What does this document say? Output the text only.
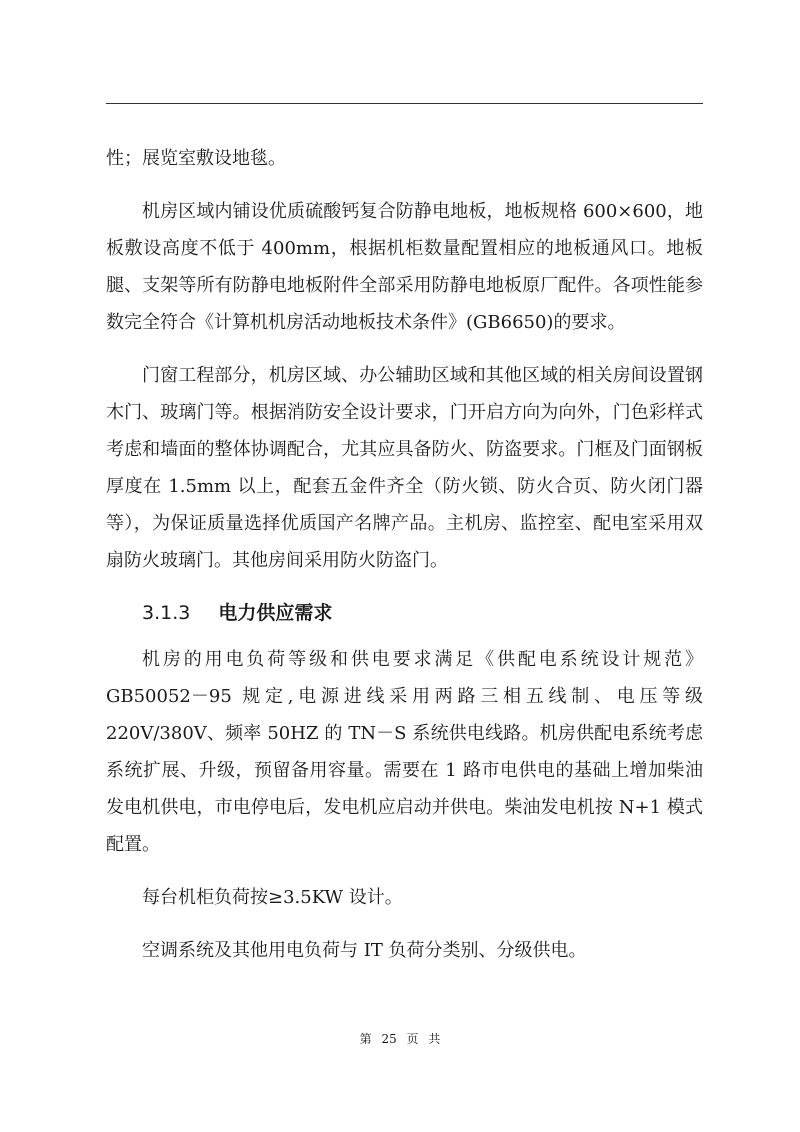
性；展览室敷设地毯。

机房区域内铺设优质硫酸钙复合防静电地板，地板规格 600×600，地板敷设高度不低于 400mm，根据机柜数量配置相应的地板通风口。地板腿、支架等所有防静电地板附件全部采用防静电地板原厂配件。各项性能参数完全符合《计算机机房活动地板技术条件》(GB6650)的要求。

门窗工程部分，机房区域、办公辅助区域和其他区域的相关房间设置钢木门、玻璃门等。根据消防安全设计要求，门开启方向为向外，门色彩样式考虑和墙面的整体协调配合，尤其应具备防火、防盗要求。门框及门面钢板厚度在 1.5mm 以上，配套五金件齐全（防火锁、防火合页、防火闭门器等），为保证质量选择优质国产名牌产品。主机房、监控室、配电室采用双扇防火玻璃门。其他房间采用防火防盗门。

3.1.3 电力供应需求

机房的用电负荷等级和供电要求满足《供配电系统设计规范》GB50052－95 规定,电源进线采用两路三相五线制、电压等级 220V/380V、频率 50HZ 的 TN－S 系统供电线路。机房供配电系统考虑系统扩展、升级，预留备用容量。需要在 1 路市电供电的基础上增加柴油发电机供电，市电停电后，发电机应启动并供电。柴油发电机按 N+1 模式配置。

每台机柜负荷按≥3.5KW 设计。

空调系统及其他用电负荷与 IT 负荷分类别、分级供电。

第 25 页 共
